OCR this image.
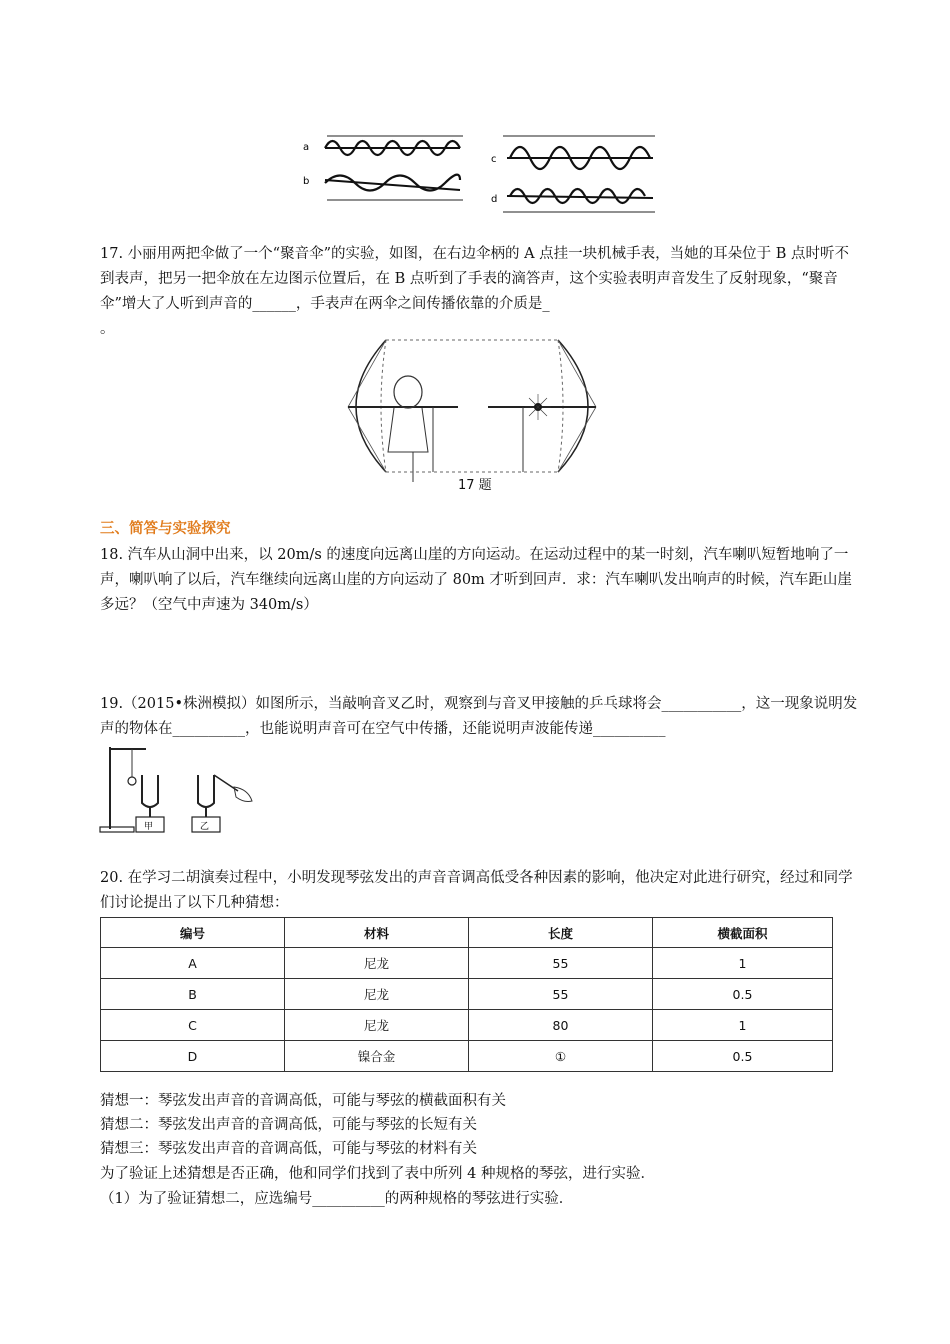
a
b
c
d

17. 小丽用两把伞做了一个“聚音伞”的实验，如图，在右边伞柄的 A 点挂一块机械手表，当她的耳朵位于 B 点时听不到表声，把另一把伞放在左边图示位置后，在 B 点听到了手表的滴答声，这个实验表明声音发生了反射现象，“聚音伞”增大了人听到声音的______，手表声在两伞之间传播依靠的介质是_
。

17 题

三、简答与实验探究

18. 汽车从山洞中出来，以 20m/s 的速度向远离山崖的方向运动。在运动过程中的某一时刻，汽车喇叭短暂地响了一声，喇叭响了以后，汽车继续向远离山崖的方向运动了 80m 才听到回声．求：汽车喇叭发出响声的时候，汽车距山崖多远？（空气中声速为 340m/s）

19.（2015•株洲模拟）如图所示，当敲响音叉乙时，观察到与音叉甲接触的乒乓球将会___________，这一现象说明发声的物体在__________，也能说明声音可在空气中传播，还能说明声波能传递__________

甲	乙

20. 在学习二胡演奏过程中，小明发现琴弦发出的声音音调高低受各种因素的影响，他决定对此进行研究，经过和同学们讨论提出了以下几种猜想：

编号	材料	长度	横截面积
A	尼龙	55	1
B	尼龙	55	0.5
C	尼龙	80	1
D	镍合金	①	0.5

猜想一：琴弦发出声音的音调高低，可能与琴弦的横截面积有关

猜想二：琴弦发出声音的音调高低，可能与琴弦的长短有关

猜想三：琴弦发出声音的音调高低，可能与琴弦的材料有关

为了验证上述猜想是否正确，他和同学们找到了表中所列 4 种规格的琴弦，进行实验．

（1）为了验证猜想二，应选编号__________的两种规格的琴弦进行实验．
